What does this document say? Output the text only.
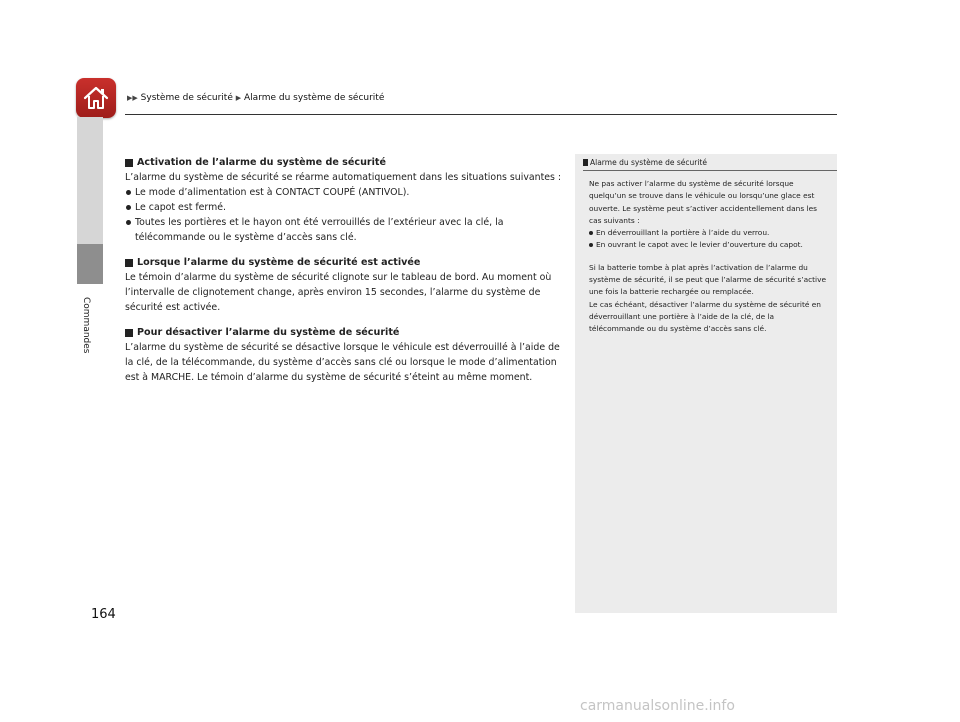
▶▶ Système de sécurité ▶ Alarme du système de sécurité
Commandes
Activation de l’alarme du système de sécurité

L’alarme du système de sécurité se réarme automatiquement dans les situations suivantes :

Le mode d’alimentation est à CONTACT COUPÉ (ANTIVOL).
Le capot est fermé.
Toutes les portières et le hayon ont été verrouillés de l’extérieur avec la clé, la télécommande ou le système d’accès sans clé.
Lorsque l’alarme du système de sécurité est activée

Le témoin d’alarme du système de sécurité clignote sur le tableau de bord. Au moment où l’intervalle de clignotement change, après environ 15 secondes, l’alarme du système de sécurité est activée.

Pour désactiver l’alarme du système de sécurité

L’alarme du système de sécurité se désactive lorsque le véhicule est déverrouillé à l’aide de la clé, de la télécommande, du système d’accès sans clé ou lorsque le mode d’alimentation est à MARCHE. Le témoin d’alarme du système de sécurité s’éteint au même moment.

Alarme du système de sécurité

Ne pas activer l’alarme du système de sécurité lorsque quelqu’un se trouve dans le véhicule ou lorsqu’une glace est ouverte. Le système peut s’activer accidentellement dans les cas suivants :

En déverrouillant la portière à l’aide du verrou.
En ouvrant le capot avec le levier d’ouverture du capot.

Si la batterie tombe à plat après l’activation de l’alarme du système de sécurité, il se peut que l’alarme de sécurité s’active une fois la batterie rechargée ou remplacée.

Le cas échéant, désactiver l’alarme du système de sécurité en déverrouillant une portière à l’aide de la clé, de la télécommande ou du système d’accès sans clé.

164
carmanualsonline.info
